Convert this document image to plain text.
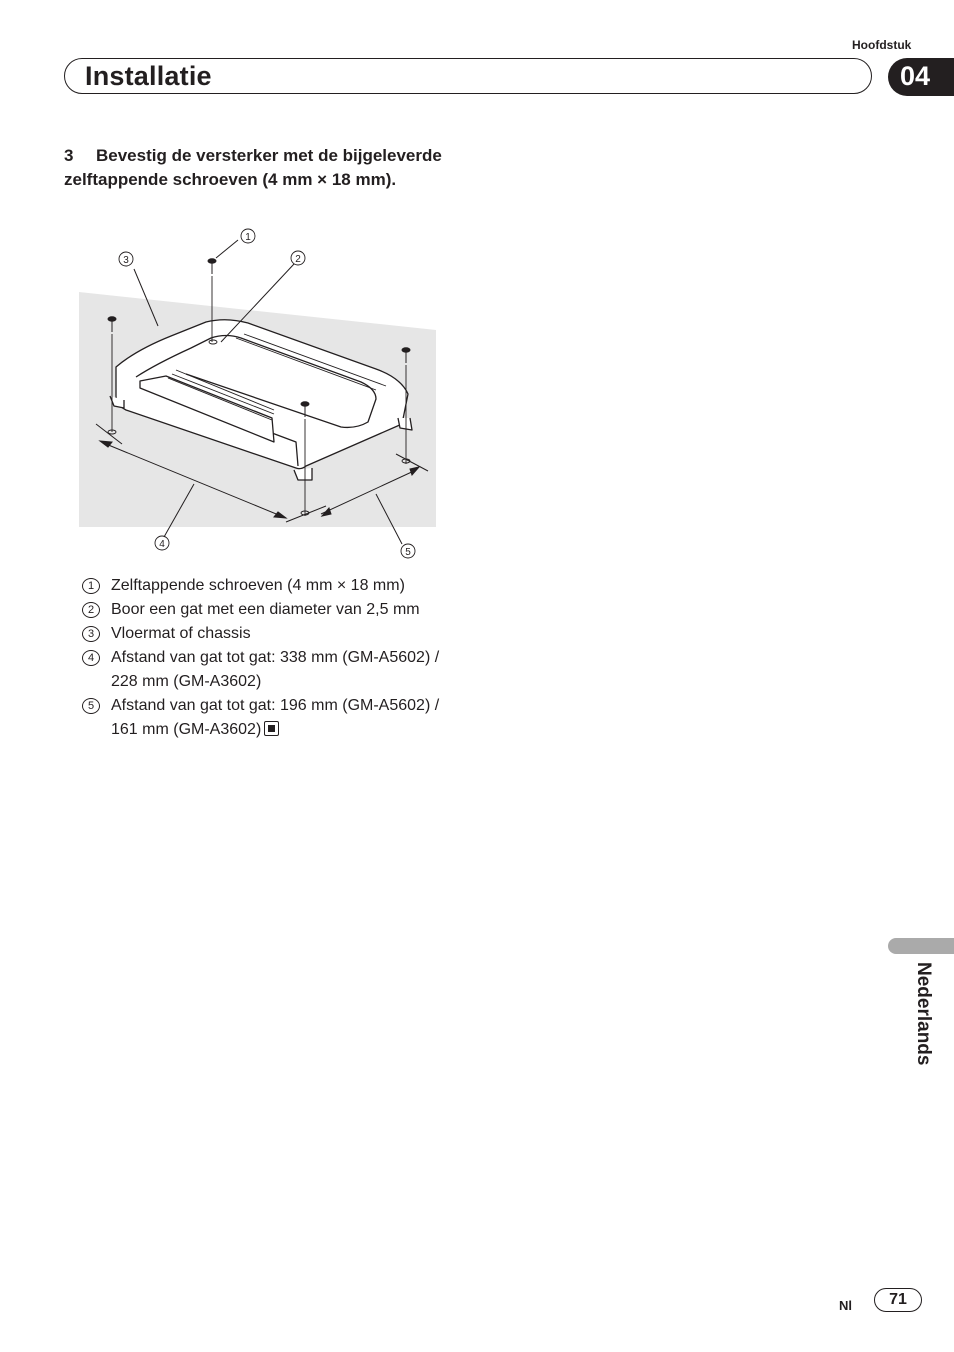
Hoofdstuk
Installatie	04
3 Bevestig de versterker met de bijgeleverde zelftappende schroeven (4 mm × 18 mm).
1
2
3
4
5
1	Zelftappende schroeven (4 mm × 18 mm)
2	Boor een gat met een diameter van 2,5 mm
3	Vloermat of chassis
4	Afstand van gat tot gat: 338 mm (GM-A5602) / 228 mm (GM-A3602)
5	Afstand van gat tot gat: 196 mm (GM-A5602) / 161 mm (GM-A3602)
Nederlands
Nl	71
